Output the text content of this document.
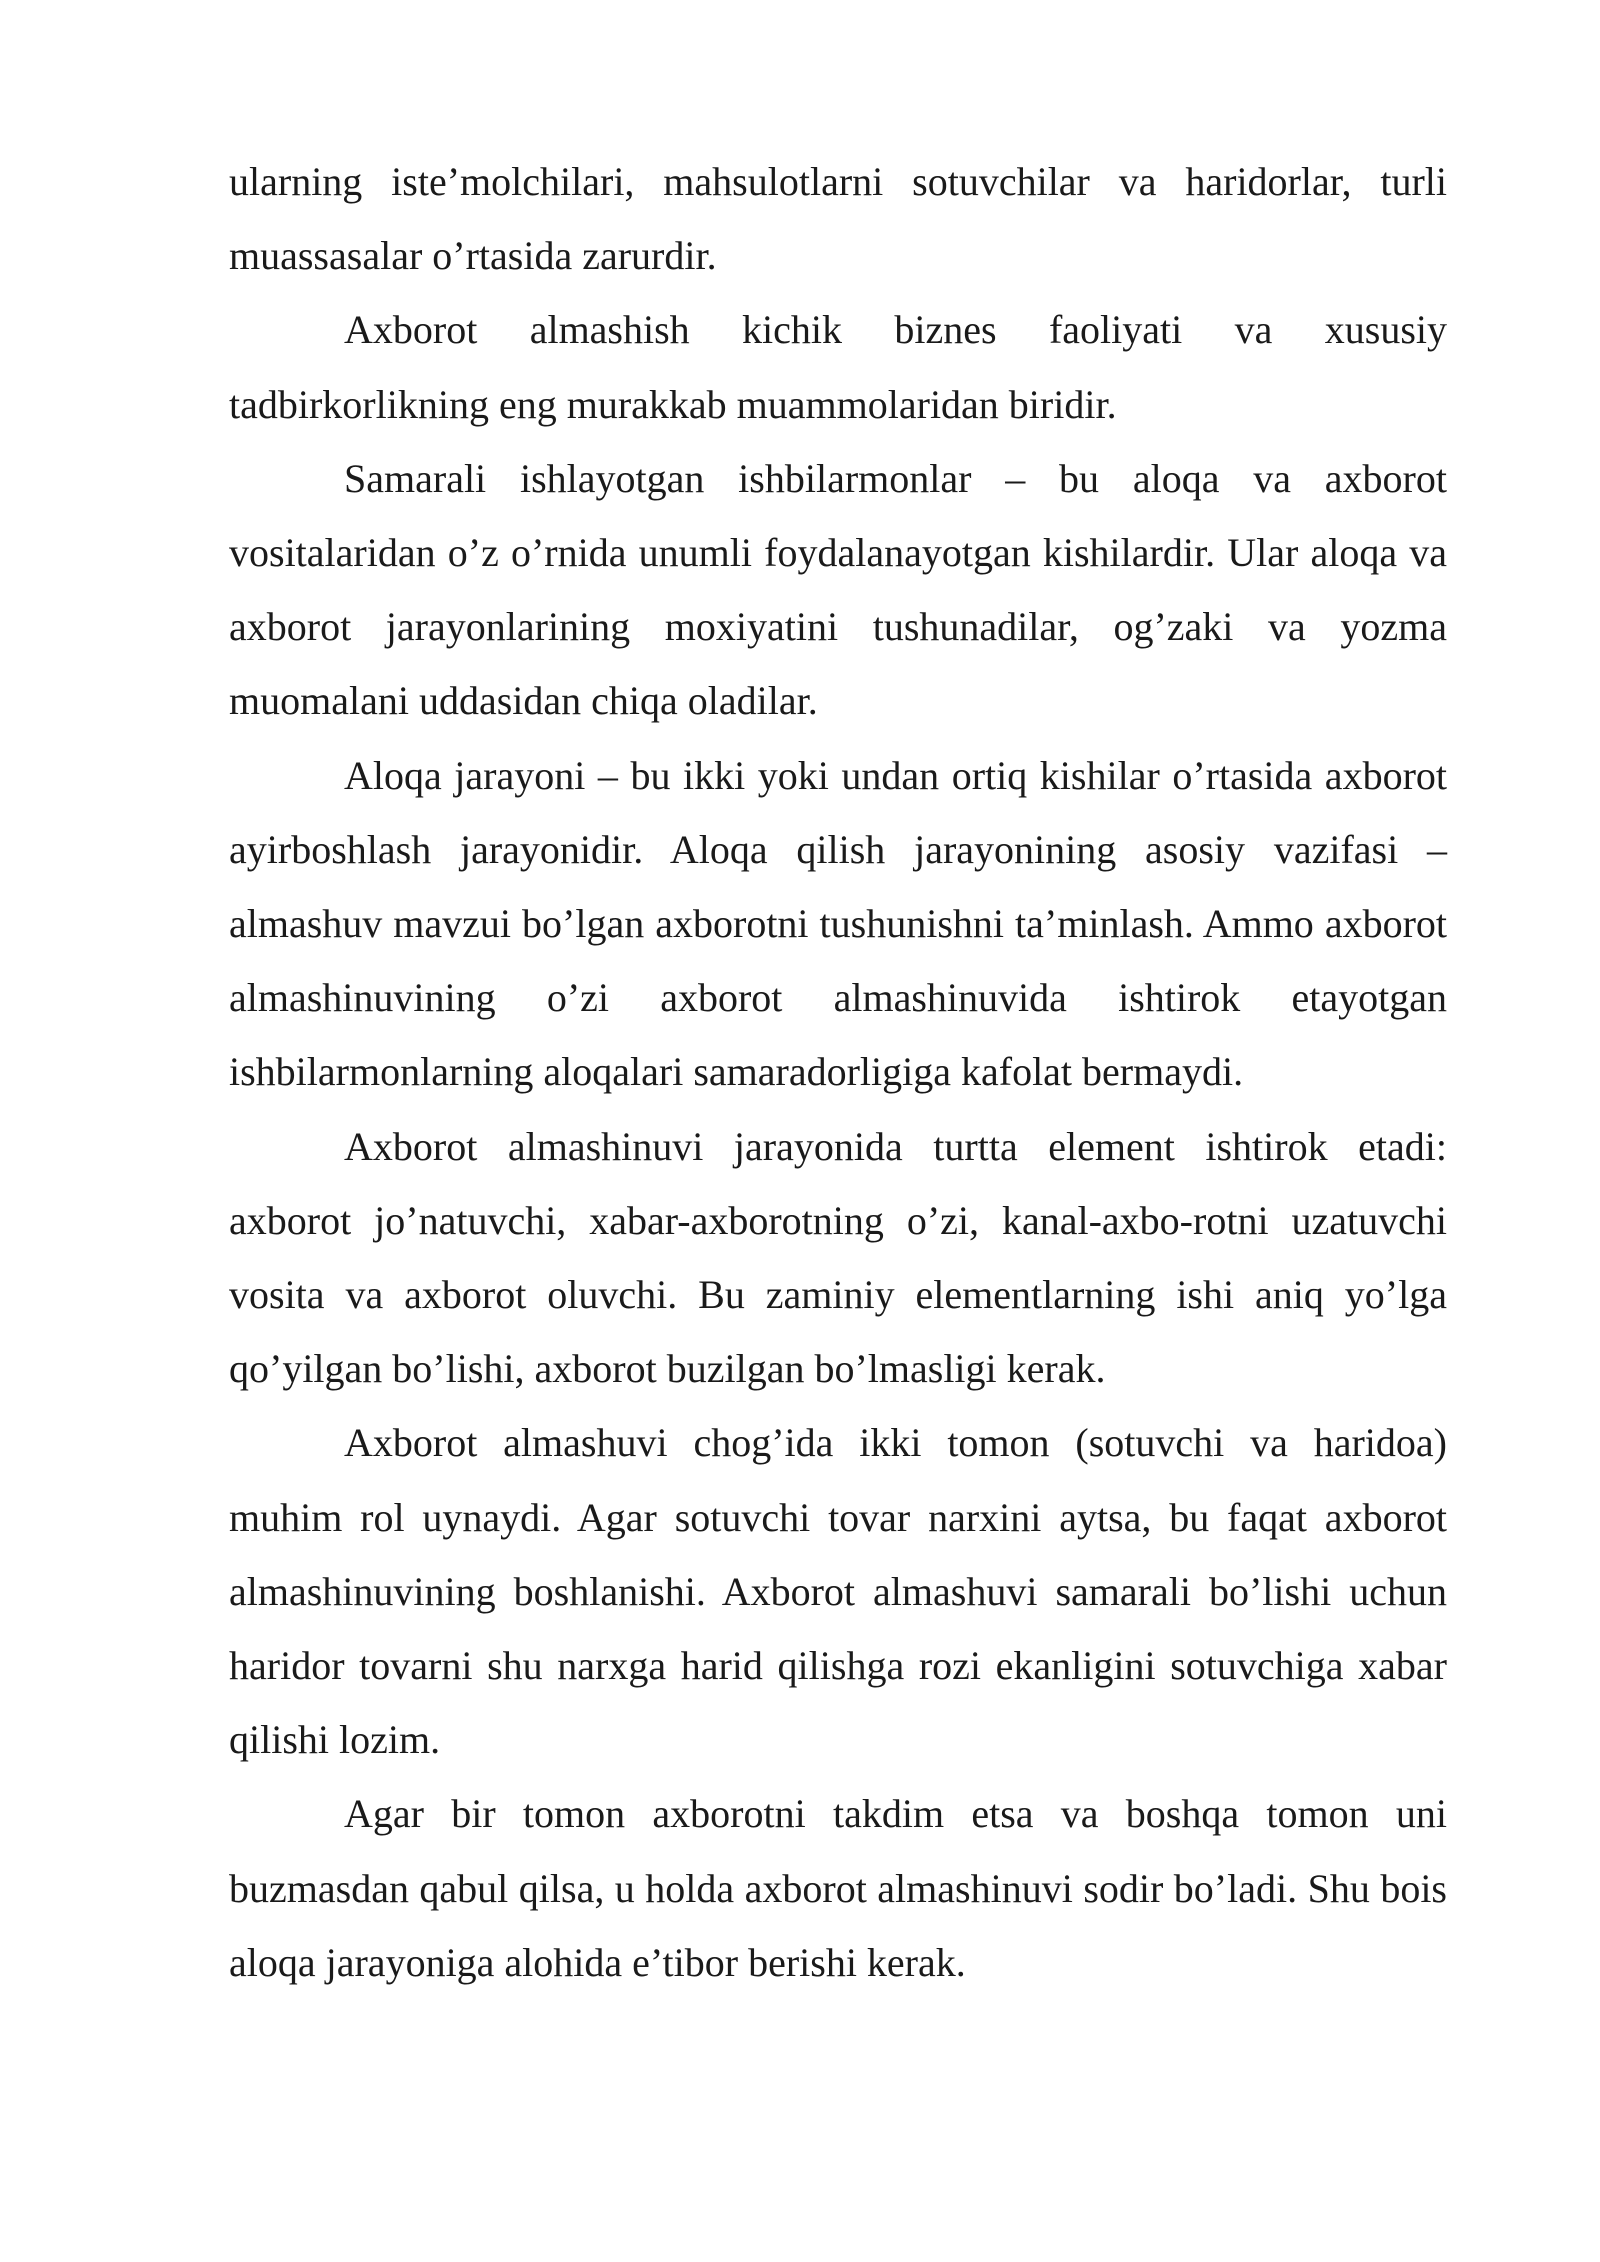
ularning iste’molchilari, mahsulotlarni sotuvchilar va haridorlar, turli muassasalar o’rtasida zarurdir.

Axborot almashish kichik biznes faoliyati va xususiy tadbirkorlikning eng murakkab muammolaridan biridir.

Samarali ishlayotgan ishbilarmonlar – bu aloqa va axborot vositalaridan o’z o’rnida unumli foydalanayotgan kishilardir. Ular aloqa va axborot jarayonlarining moxiyatini tushunadilar, og’zaki va yozma muomalani uddasidan chiqa oladilar.

Aloqa jarayoni – bu ikki yoki undan ortiq kishilar o’rtasida axborot ayirboshlash jarayonidir. Aloqa qilish jarayonining asosiy vazifasi – almashuv mavzui bo’lgan axborotni tushunishni ta’minlash. Ammo axborot almashinuvining o’zi axborot almashinuvida ishtirok etayotgan ishbilarmonlarning aloqalari samaradorligiga kafolat bermaydi.

Axborot almashinuvi jarayonida turtta element ishtirok etadi: axborot jo’natuvchi, xabar-axborotning o’zi, kanal-axbo-rotni uzatuvchi vosita va axborot oluvchi. Bu zaminiy elementlarning ishi aniq yo’lga qo’yilgan bo’lishi, axborot buzilgan bo’lmasligi kerak.

Axborot almashuvi chog’ida ikki tomon (sotuvchi va haridoa) muhim rol uynaydi. Agar sotuvchi tovar narxini aytsa, bu faqat axborot almashinuvining boshlanishi. Axborot almashuvi samarali bo’lishi uchun haridor tovarni shu narxga harid qilishga rozi ekanligini sotuvchiga xabar qilishi lozim.

Agar bir tomon axborotni takdim etsa va boshqa tomon uni buzmasdan qabul qilsa, u holda axborot almashinuvi sodir bo’ladi. Shu bois aloqa jarayoniga alohida e’tibor berishi kerak.
